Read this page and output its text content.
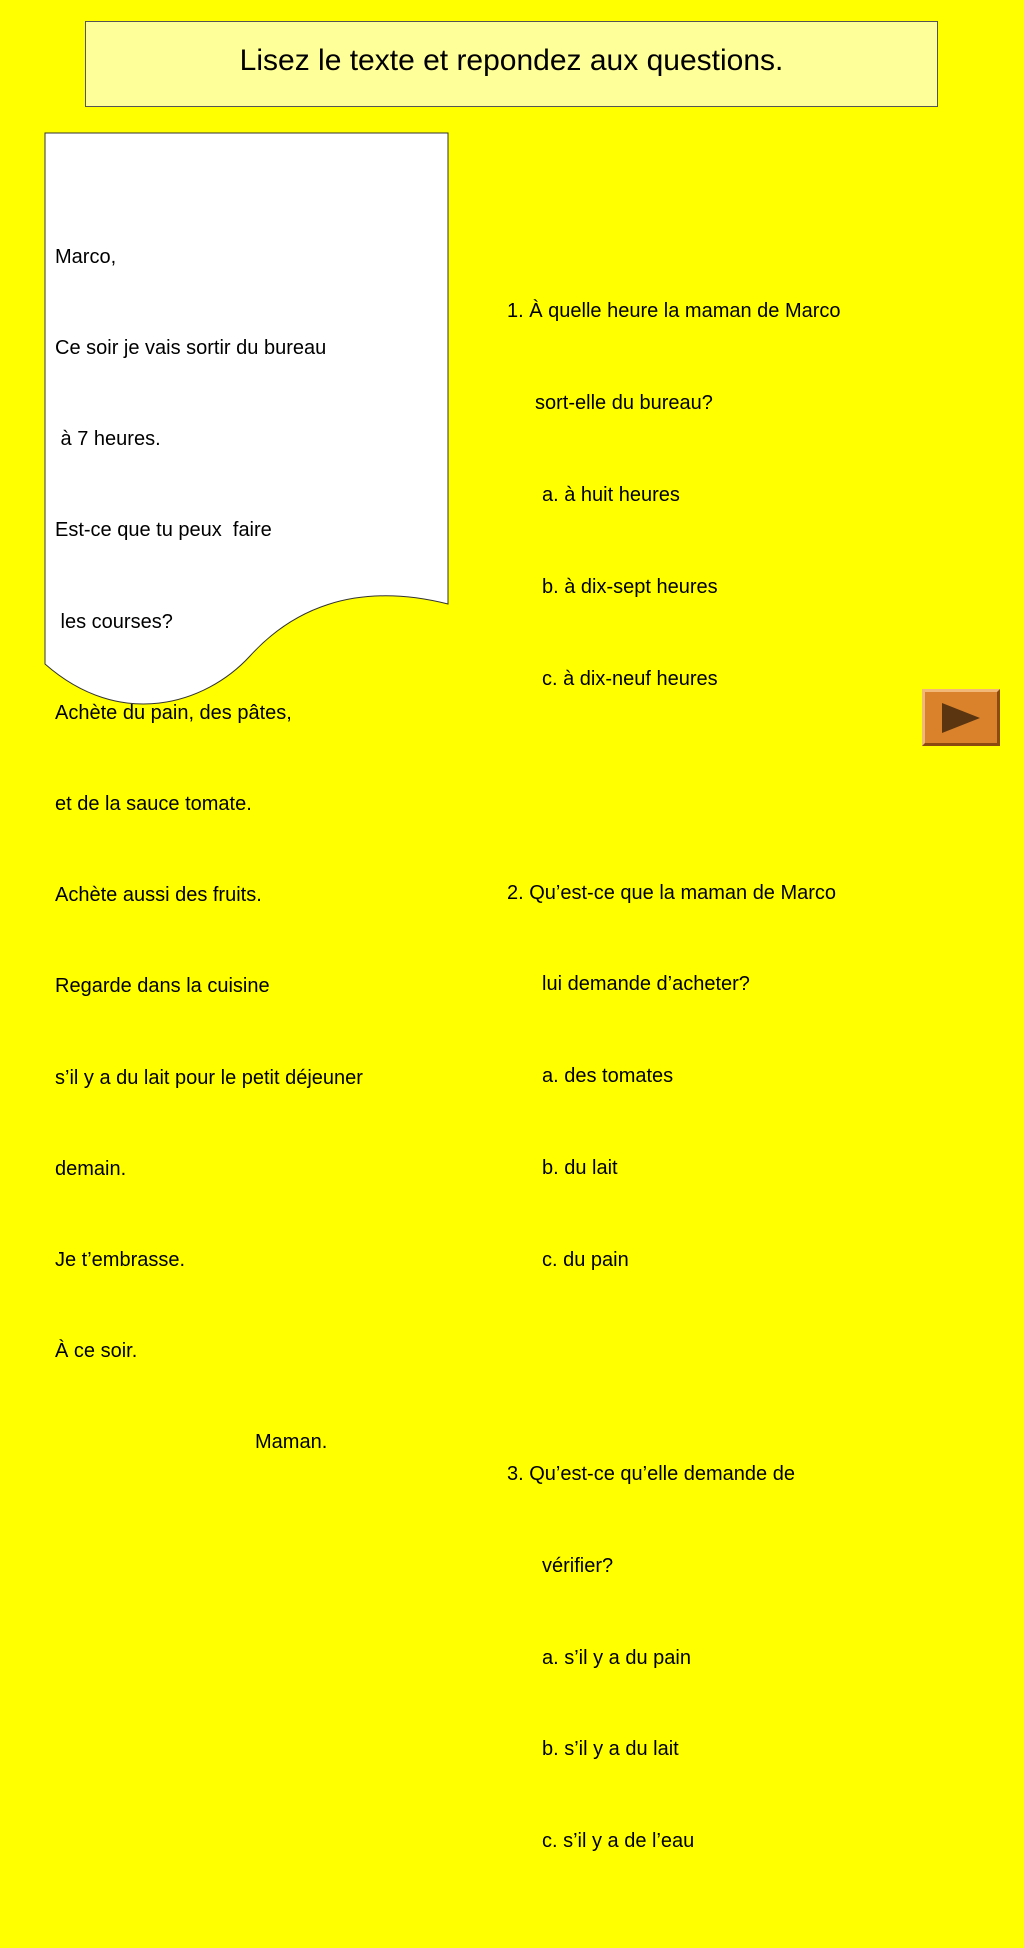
Lisez le texte et repondez aux questions.

Marco,

Ce soir je vais sortir du bureau

à 7 heures.

Est-ce que tu peux  faire

les courses?

Achète du pain, des pâtes,

et de la sauce tomate.

Achète aussi des fruits.

Regarde dans la cuisine

s’il y a du lait pour le petit déjeuner

demain.

Je t’embrasse.

À ce soir.

Maman.

1. À quelle heure la maman de Marco

sort-elle du bureau?

a. à huit heures

b. à dix-sept heures

c. à dix-neuf heures

2. Qu’est-ce que la maman de Marco

lui demande d’acheter?

a. des tomates

b. du lait

c. du pain

3. Qu’est-ce qu’elle demande de

vérifier?

a. s’il y a du pain

b. s’il y a du lait

c. s’il y a de l’eau
